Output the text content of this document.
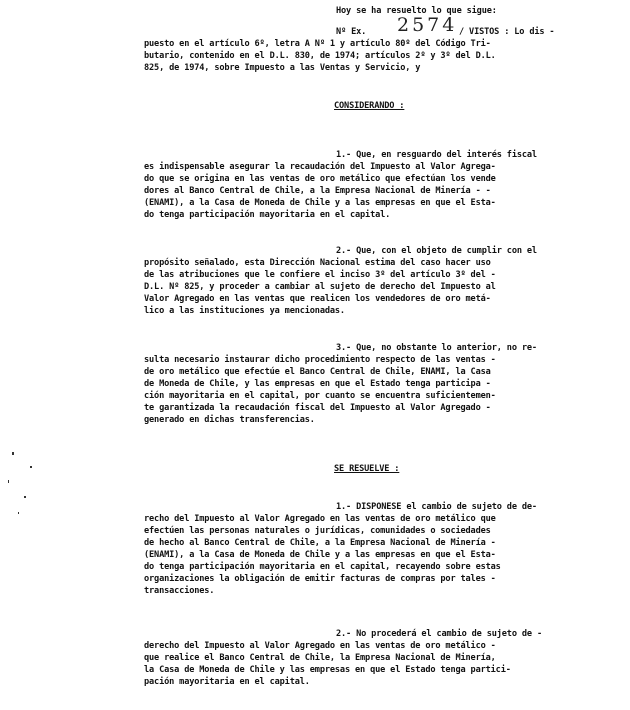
Hoy se ha resuelto lo que sigue:
Nº Ex. 2574 / VISTOS : Lo dis -
puesto en el artículo 6º, letra A Nº 1 y artículo 80º del Código Tri-
butario, contenido en el D.L. 830, de 1974; artículos 2º y 3º del D.L.
825, de 1974, sobre Impuesto a las Ventas y Servicio, y
CONSIDERANDO :
1.- Que, en resguardo del interés fiscal
es indispensable asegurar la recaudación del Impuesto al Valor Agrega-
do que se origina en las ventas de oro metálico que efectúan los vende
dores al Banco Central de Chile, a la Empresa Nacional de Minería - -
(ENAMI), a la Casa de Moneda de Chile y a las empresas en que el Esta-
do tenga participación mayoritaria en el capital.
2.- Que, con el objeto de cumplir con el
propósito señalado, esta Dirección Nacional estima del caso hacer uso
de las atribuciones que le confiere el inciso 3º del artículo 3º del -
D.L. Nº 825, y proceder a cambiar al sujeto de derecho del Impuesto al
Valor Agregado en las ventas que realicen los vendedores de oro metá-
lico a las instituciones ya mencionadas.
3.- Que, no obstante lo anterior, no re-
sulta necesario instaurar dicho procedimiento respecto de las ventas -
de oro metálico que efectúe el Banco Central de Chile, ENAMI, la Casa
de Moneda de Chile, y las empresas en que el Estado tenga participa -
ción mayoritaria en el capital, por cuanto se encuentra suficientemen-
te garantizada la recaudación fiscal del Impuesto al Valor Agregado -
generado en dichas transferencias.
SE RESUELVE :
1.- DISPONESE el cambio de sujeto de de-
recho del Impuesto al Valor Agregado en las ventas de oro metálico que
efectúen las personas naturales o jurídicas, comunidades o sociedades
de hecho al Banco Central de Chile, a la Empresa Nacional de Minería -
(ENAMI), a la Casa de Moneda de Chile y a las empresas en que el Esta-
do tenga participación mayoritaria en el capital, recayendo sobre estas
organizaciones la obligación de emitir facturas de compras por tales -
transacciones.
2.- No procederá el cambio de sujeto de -
derecho del Impuesto al Valor Agregado en las ventas de oro metálico -
que realice el Banco Central de Chile, la Empresa Nacional de Minería,
la Casa de Moneda de Chile y las empresas en que el Estado tenga partici-
pación mayoritaria en el capital.
